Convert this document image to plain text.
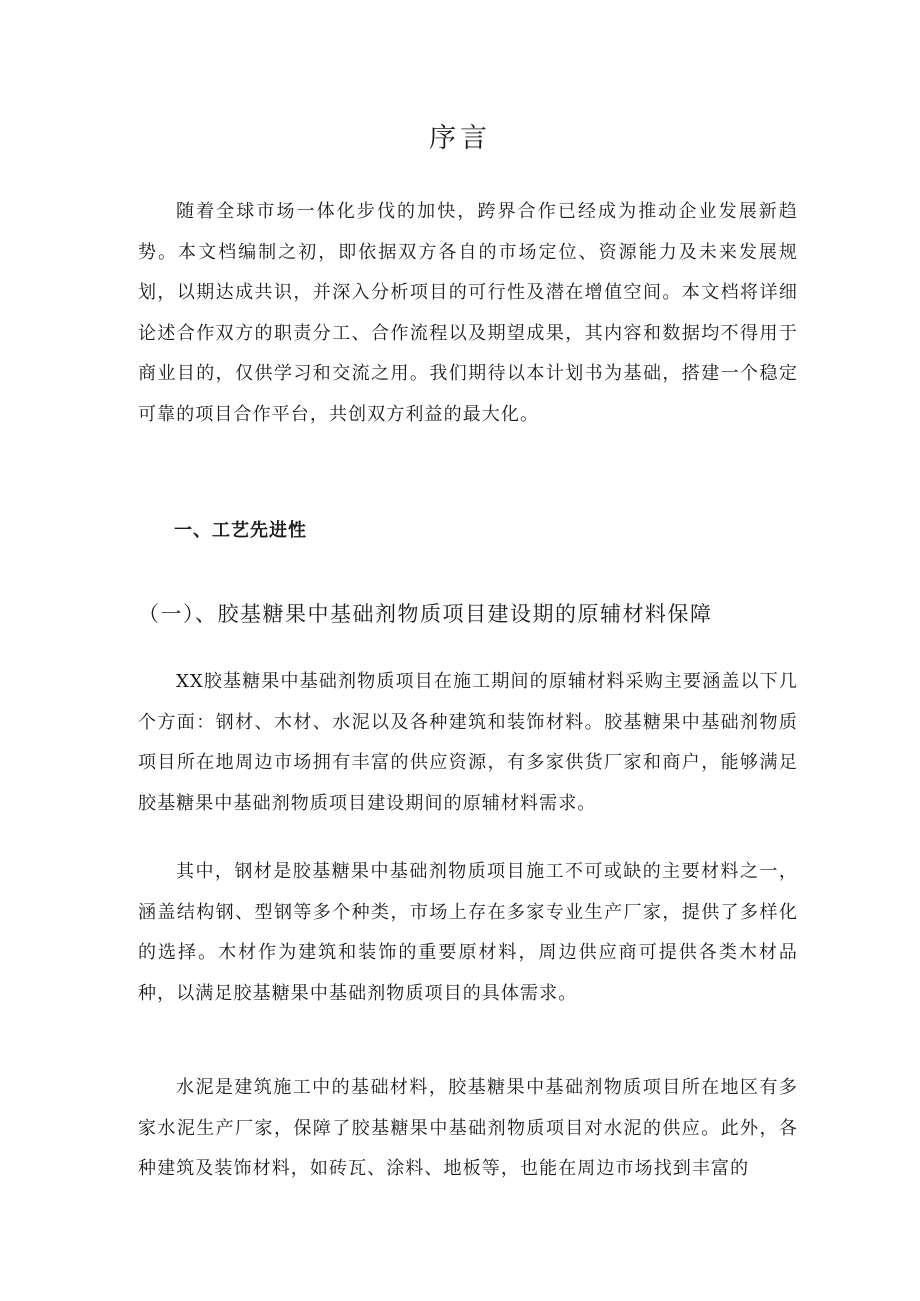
序言
随着全球市场一体化步伐的加快，跨界合作已经成为推动企业发展新趋势。本文档编制之初，即依据双方各自的市场定位、资源能力及未来发展规划，以期达成共识，并深入分析项目的可行性及潜在增值空间。本文档将详细论述合作双方的职责分工、合作流程以及期望成果，其内容和数据均不得用于商业目的，仅供学习和交流之用。我们期待以本计划书为基础，搭建一个稳定可靠的项目合作平台，共创双方利益的最大化。
一、工艺先进性
（一）、胶基糖果中基础剂物质项目建设期的原辅材料保障
XX胶基糖果中基础剂物质项目在施工期间的原辅材料采购主要涵盖以下几个方面：钢材、木材、水泥以及各种建筑和装饰材料。胶基糖果中基础剂物质项目所在地周边市场拥有丰富的供应资源，有多家供货厂家和商户，能够满足胶基糖果中基础剂物质项目建设期间的原辅材料需求。
其中，钢材是胶基糖果中基础剂物质项目施工不可或缺的主要材料之一，涵盖结构钢、型钢等多个种类，市场上存在多家专业生产厂家，提供了多样化的选择。木材作为建筑和装饰的重要原材料，周边供应商可提供各类木材品种，以满足胶基糖果中基础剂物质项目的具体需求。
水泥是建筑施工中的基础材料，胶基糖果中基础剂物质项目所在地区有多家水泥生产厂家，保障了胶基糖果中基础剂物质项目对水泥的供应。此外，各种建筑及装饰材料，如砖瓦、涂料、地板等，也能在周边市场找到丰富的
